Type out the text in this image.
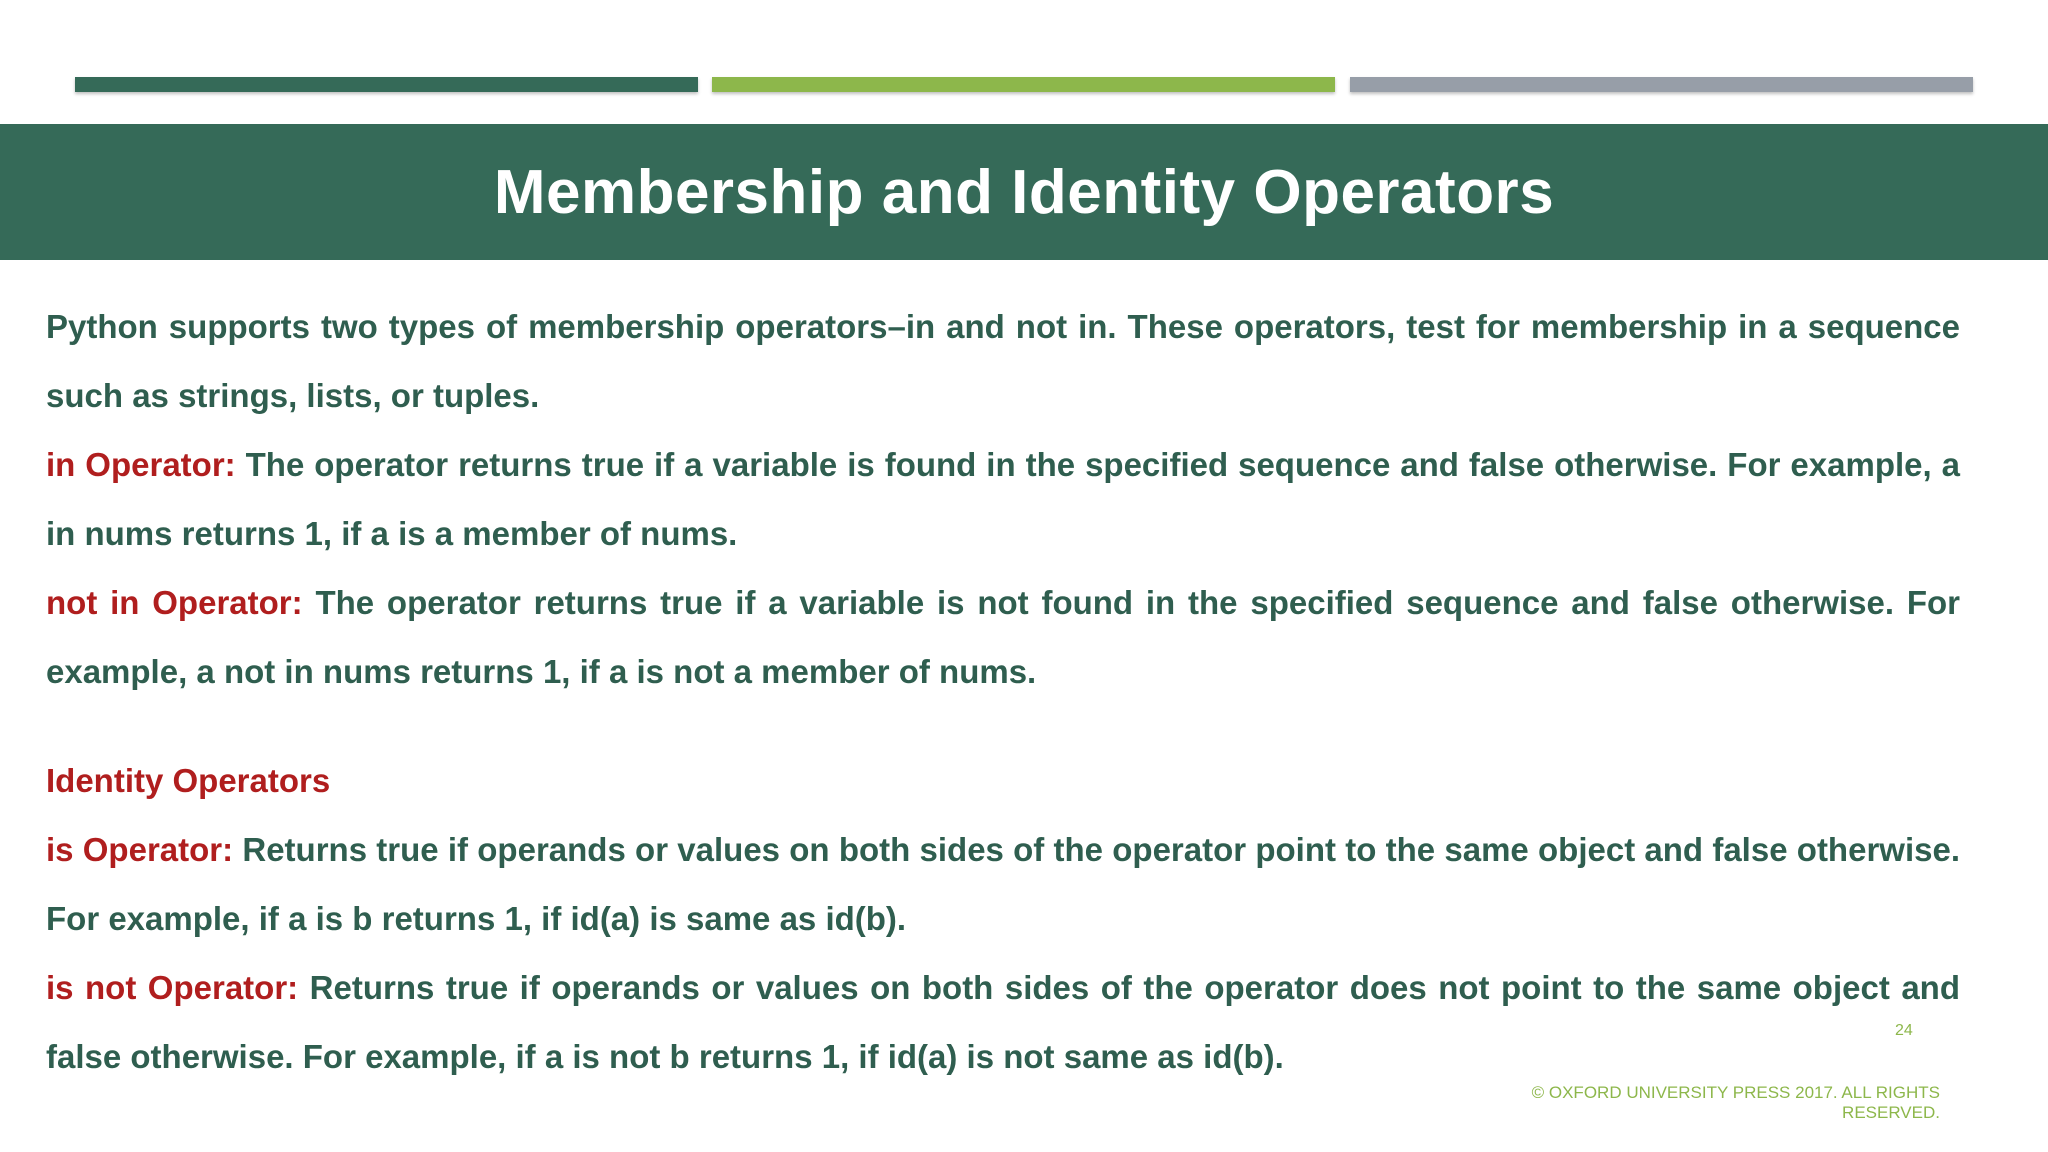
Membership and Identity Operators

Python supports two types of membership operators–in and not in. These operators, test for membership in a sequence such as strings, lists, or tuples.

in Operator: The operator returns true if a variable is found in the specified sequence and false otherwise. For example, a in nums returns 1, if a is a member of nums.

not in Operator: The operator returns true if a variable is not found in the specified sequence and false otherwise. For example, a not in nums returns 1, if a is not a member of nums.

Identity Operators

is Operator: Returns true if operands or values on both sides of the operator point to the same object and false otherwise. For example, if a is b returns 1, if id(a) is same as id(b).

is not Operator: Returns true if operands or values on both sides of the operator does not point to the same object and false otherwise. For example, if a is not b returns 1, if id(a) is not same as id(b).

24
© OXFORD UNIVERSITY PRESS 2017. ALL RIGHTS RESERVED.
